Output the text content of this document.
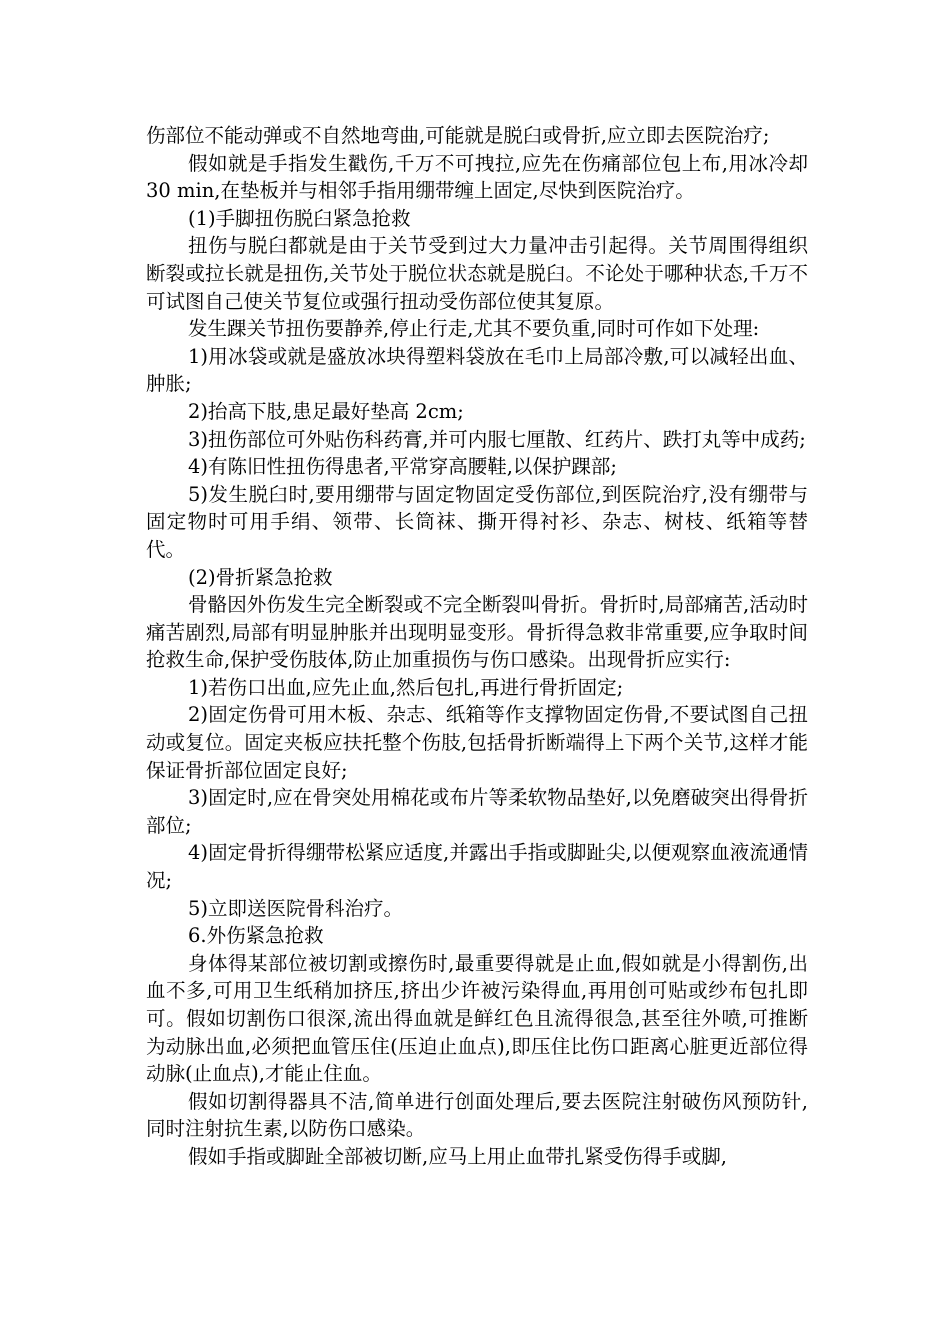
伤部位不能动弹或不自然地弯曲,可能就是脱臼或骨折,应立即去医院治疗;

假如就是手指发生戳伤,千万不可拽拉,应先在伤痛部位包上布,用冰冷却 30 min,在垫板并与相邻手指用绷带缠上固定,尽快到医院治疗。

(1)手脚扭伤脱臼紧急抢救

扭伤与脱臼都就是由于关节受到过大力量冲击引起得。关节周围得组织断裂或拉长就是扭伤,关节处于脱位状态就是脱臼。不论处于哪种状态,千万不可试图自己使关节复位或强行扭动受伤部位使其复原。

发生踝关节扭伤要静养,停止行走,尤其不要负重,同时可作如下处理:

1)用冰袋或就是盛放冰块得塑料袋放在毛巾上局部冷敷,可以减轻出血、肿胀;

2)抬高下肢,患足最好垫高 2cm;

3)扭伤部位可外贴伤科药膏,并可内服七厘散、红药片、跌打丸等中成药;

4)有陈旧性扭伤得患者,平常穿高腰鞋,以保护踝部;

5)发生脱臼时,要用绷带与固定物固定受伤部位,到医院治疗,没有绷带与固定物时可用手绢、领带、长筒袜、撕开得衬衫、杂志、树枝、纸箱等替代。

(2)骨折紧急抢救

骨骼因外伤发生完全断裂或不完全断裂叫骨折。骨折时,局部痛苦,活动时痛苦剧烈,局部有明显肿胀并出现明显变形。骨折得急救非常重要,应争取时间抢救生命,保护受伤肢体,防止加重损伤与伤口感染。出现骨折应实行:

1)若伤口出血,应先止血,然后包扎,再进行骨折固定;

2)固定伤骨可用木板、杂志、纸箱等作支撑物固定伤骨,不要试图自己扭动或复位。固定夹板应扶托整个伤肢,包括骨折断端得上下两个关节,这样才能保证骨折部位固定良好;

3)固定时,应在骨突处用棉花或布片等柔软物品垫好,以免磨破突出得骨折部位;

4)固定骨折得绷带松紧应适度,并露出手指或脚趾尖,以便观察血液流通情况;

5)立即送医院骨科治疗。

6.外伤紧急抢救

身体得某部位被切割或擦伤时,最重要得就是止血,假如就是小得割伤,出血不多,可用卫生纸稍加挤压,挤出少许被污染得血,再用创可贴或纱布包扎即可。假如切割伤口很深,流出得血就是鲜红色且流得很急,甚至往外喷,可推断为动脉出血,必须把血管压住(压迫止血点),即压住比伤口距离心脏更近部位得动脉(止血点),才能止住血。

假如切割得器具不洁,简单进行创面处理后,要去医院注射破伤风预防针,同时注射抗生素,以防伤口感染。

假如手指或脚趾全部被切断,应马上用止血带扎紧受伤得手或脚,
